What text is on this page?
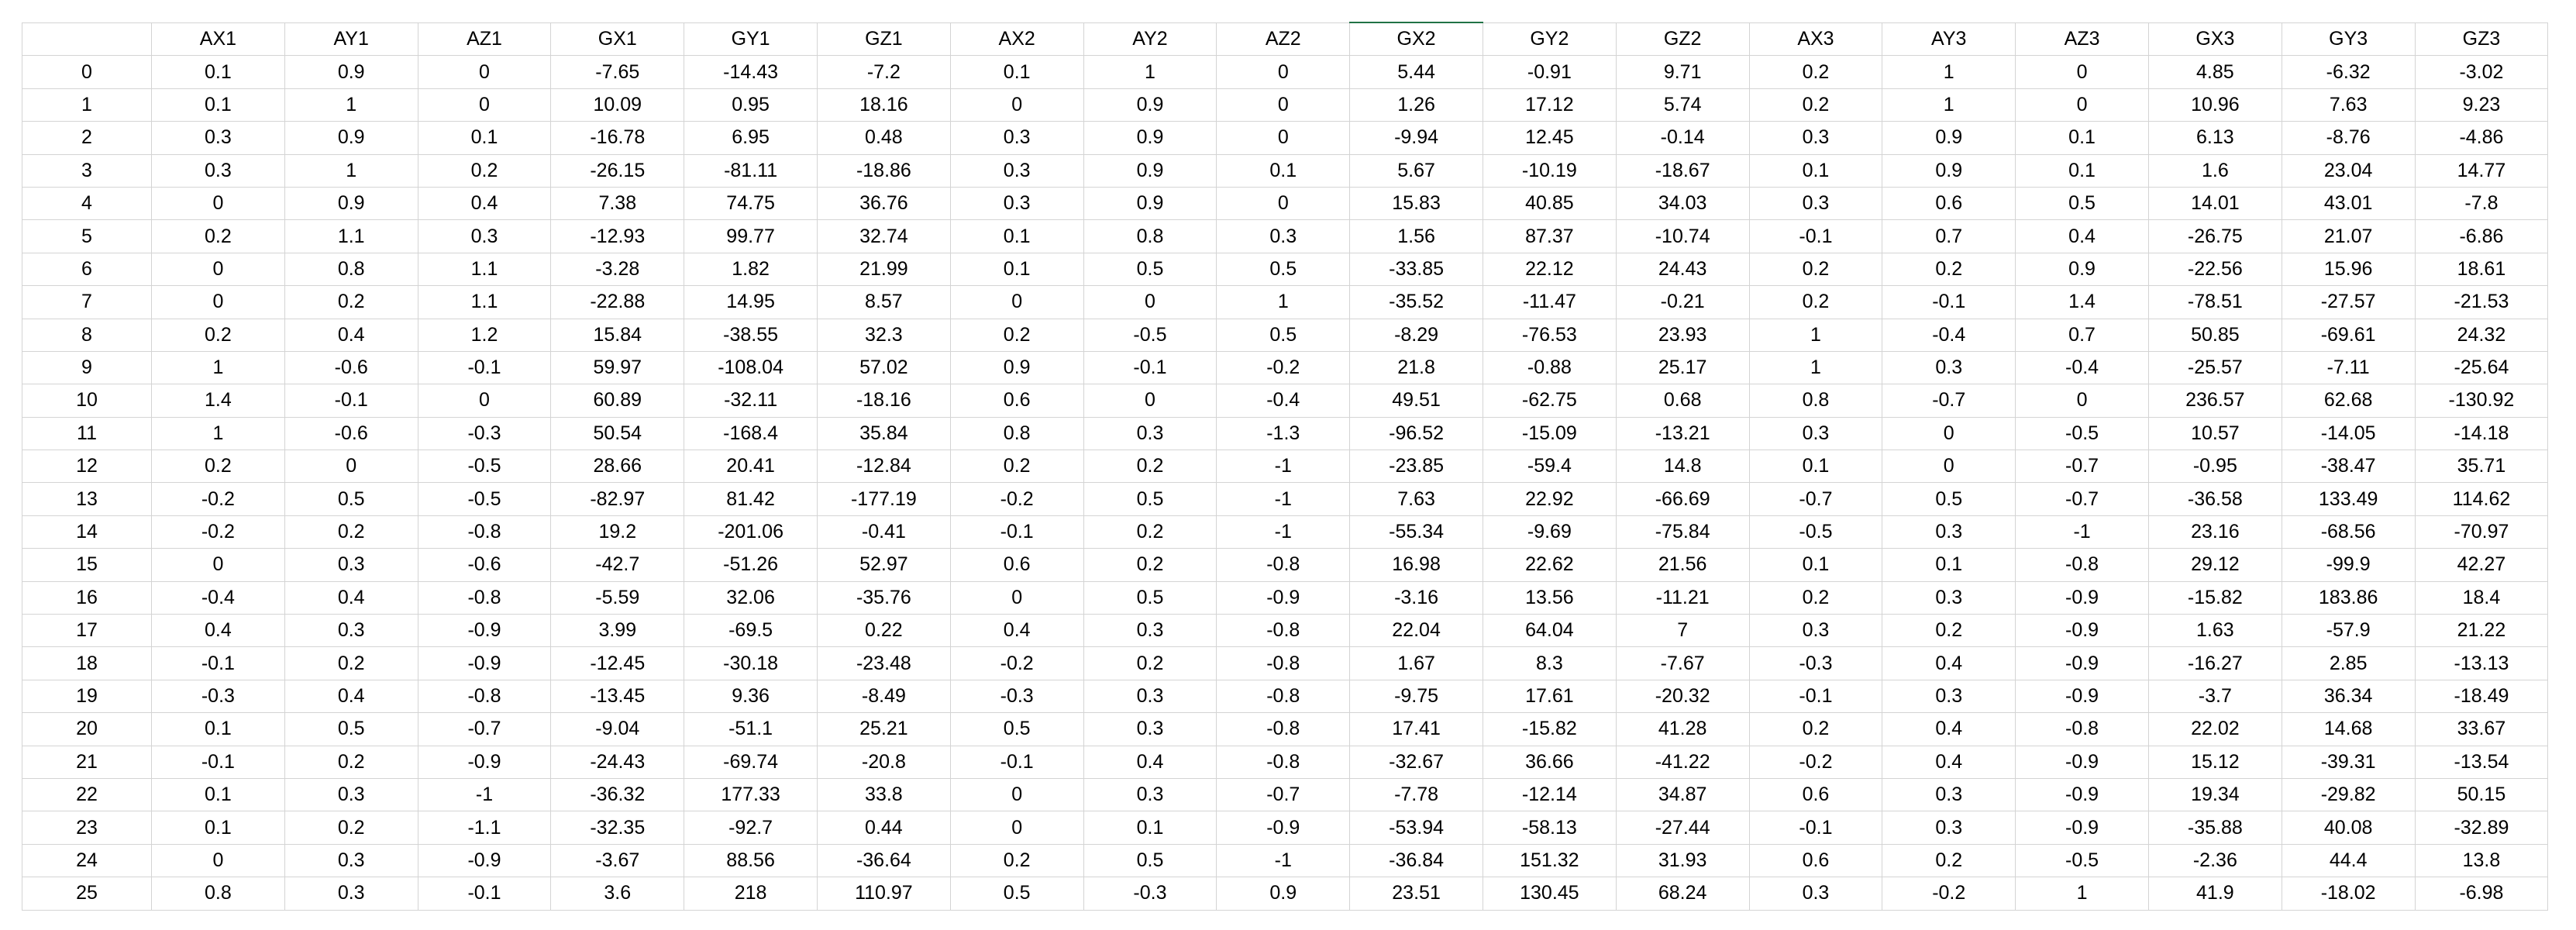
	AX1	AY1	AZ1	GX1	GY1	GZ1	AX2	AY2	AZ2	GX2	GY2	GZ2	AX3	AY3	AZ3	GX3	GY3	GZ3
0	0.1	0.9	0	-7.65	-14.43	-7.2	0.1	1	0	5.44	-0.91	9.71	0.2	1	0	4.85	-6.32	-3.02
1	0.1	1	0	10.09	0.95	18.16	0	0.9	0	1.26	17.12	5.74	0.2	1	0	10.96	7.63	9.23
2	0.3	0.9	0.1	-16.78	6.95	0.48	0.3	0.9	0	-9.94	12.45	-0.14	0.3	0.9	0.1	6.13	-8.76	-4.86
3	0.3	1	0.2	-26.15	-81.11	-18.86	0.3	0.9	0.1	5.67	-10.19	-18.67	0.1	0.9	0.1	1.6	23.04	14.77
4	0	0.9	0.4	7.38	74.75	36.76	0.3	0.9	0	15.83	40.85	34.03	0.3	0.6	0.5	14.01	43.01	-7.8
5	0.2	1.1	0.3	-12.93	99.77	32.74	0.1	0.8	0.3	1.56	87.37	-10.74	-0.1	0.7	0.4	-26.75	21.07	-6.86
6	0	0.8	1.1	-3.28	1.82	21.99	0.1	0.5	0.5	-33.85	22.12	24.43	0.2	0.2	0.9	-22.56	15.96	18.61
7	0	0.2	1.1	-22.88	14.95	8.57	0	0	1	-35.52	-11.47	-0.21	0.2	-0.1	1.4	-78.51	-27.57	-21.53
8	0.2	0.4	1.2	15.84	-38.55	32.3	0.2	-0.5	0.5	-8.29	-76.53	23.93	1	-0.4	0.7	50.85	-69.61	24.32
9	1	-0.6	-0.1	59.97	-108.04	57.02	0.9	-0.1	-0.2	21.8	-0.88	25.17	1	0.3	-0.4	-25.57	-7.11	-25.64
10	1.4	-0.1	0	60.89	-32.11	-18.16	0.6	0	-0.4	49.51	-62.75	0.68	0.8	-0.7	0	236.57	62.68	-130.92
11	1	-0.6	-0.3	50.54	-168.4	35.84	0.8	0.3	-1.3	-96.52	-15.09	-13.21	0.3	0	-0.5	10.57	-14.05	-14.18
12	0.2	0	-0.5	28.66	20.41	-12.84	0.2	0.2	-1	-23.85	-59.4	14.8	0.1	0	-0.7	-0.95	-38.47	35.71
13	-0.2	0.5	-0.5	-82.97	81.42	-177.19	-0.2	0.5	-1	7.63	22.92	-66.69	-0.7	0.5	-0.7	-36.58	133.49	114.62
14	-0.2	0.2	-0.8	19.2	-201.06	-0.41	-0.1	0.2	-1	-55.34	-9.69	-75.84	-0.5	0.3	-1	23.16	-68.56	-70.97
15	0	0.3	-0.6	-42.7	-51.26	52.97	0.6	0.2	-0.8	16.98	22.62	21.56	0.1	0.1	-0.8	29.12	-99.9	42.27
16	-0.4	0.4	-0.8	-5.59	32.06	-35.76	0	0.5	-0.9	-3.16	13.56	-11.21	0.2	0.3	-0.9	-15.82	183.86	18.4
17	0.4	0.3	-0.9	3.99	-69.5	0.22	0.4	0.3	-0.8	22.04	64.04	7	0.3	0.2	-0.9	1.63	-57.9	21.22
18	-0.1	0.2	-0.9	-12.45	-30.18	-23.48	-0.2	0.2	-0.8	1.67	8.3	-7.67	-0.3	0.4	-0.9	-16.27	2.85	-13.13
19	-0.3	0.4	-0.8	-13.45	9.36	-8.49	-0.3	0.3	-0.8	-9.75	17.61	-20.32	-0.1	0.3	-0.9	-3.7	36.34	-18.49
20	0.1	0.5	-0.7	-9.04	-51.1	25.21	0.5	0.3	-0.8	17.41	-15.82	41.28	0.2	0.4	-0.8	22.02	14.68	33.67
21	-0.1	0.2	-0.9	-24.43	-69.74	-20.8	-0.1	0.4	-0.8	-32.67	36.66	-41.22	-0.2	0.4	-0.9	15.12	-39.31	-13.54
22	0.1	0.3	-1	-36.32	177.33	33.8	0	0.3	-0.7	-7.78	-12.14	34.87	0.6	0.3	-0.9	19.34	-29.82	50.15
23	0.1	0.2	-1.1	-32.35	-92.7	0.44	0	0.1	-0.9	-53.94	-58.13	-27.44	-0.1	0.3	-0.9	-35.88	40.08	-32.89
24	0	0.3	-0.9	-3.67	88.56	-36.64	0.2	0.5	-1	-36.84	151.32	31.93	0.6	0.2	-0.5	-2.36	44.4	13.8
25	0.8	0.3	-0.1	3.6	218	110.97	0.5	-0.3	0.9	23.51	130.45	68.24	0.3	-0.2	1	41.9	-18.02	-6.98
